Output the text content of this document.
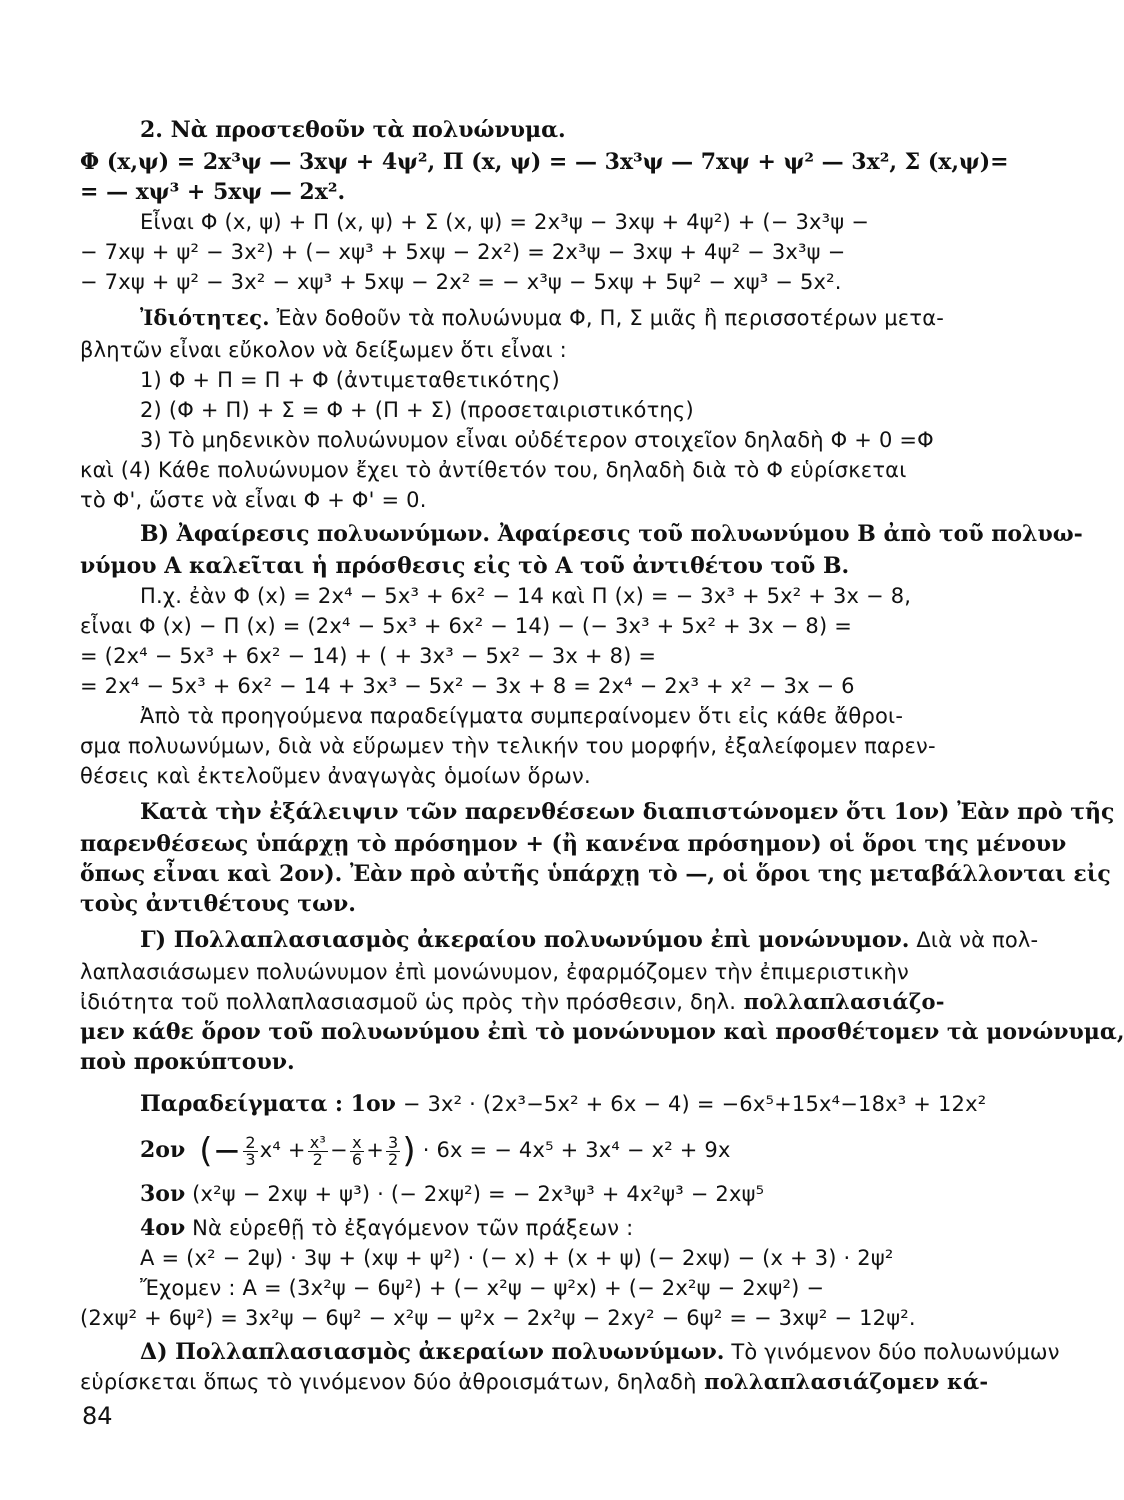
2. Νὰ προστεθοῦν τὰ πολυώνυμα.
Φ (x,ψ) = 2x³ψ — 3xψ + 4ψ², Π (x, ψ) = — 3x³ψ — 7xψ + ψ² — 3x², Σ (x,ψ)=
= — xψ³ + 5xψ — 2x².
Εἶναι Φ (x, ψ) + Π (x, ψ) + Σ (x, ψ) = 2x³ψ − 3xψ + 4ψ²) + (− 3x³ψ −
− 7xψ + ψ² − 3x²) + (− xψ³ + 5xψ − 2x²) = 2x³ψ − 3xψ + 4ψ² − 3x³ψ −
− 7xψ + ψ² − 3x² − xψ³ + 5xψ − 2x² = − x³ψ − 5xψ + 5ψ² − xψ³ − 5x².
Ἰδιότητες. Ἐὰν δοθοῦν τὰ πολυώνυμα Φ, Π, Σ μιᾶς ἢ περισσοτέρων μετα-
βλητῶν εἶναι εὔκολον νὰ δείξωμεν ὅτι εἶναι :
1) Φ + Π = Π + Φ (ἀντιμεταθετικότης)
2) (Φ + Π) + Σ = Φ + (Π + Σ) (προσεταιριστικότης)
3) Τὸ μηδενικὸν πολυώνυμον εἶναι οὐδέτερον στοιχεῖον δηλαδὴ Φ + 0 =Φ
καὶ (4) Κάθε πολυώνυμον ἔχει τὸ ἀντίθετόν του, δηλαδὴ διὰ τὸ Φ εὑρίσκεται
τὸ Φ', ὥστε νὰ εἶναι Φ + Φ' = 0.
Β) Ἀφαίρεσις πολυωνύμων. Ἀφαίρεσις τοῦ πολυωνύμου Β ἀπὸ τοῦ πολυω-
νύμου Α καλεῖται ἡ πρόσθεσις εἰς τὸ Α τοῦ ἀντιθέτου τοῦ Β.
Π.χ. ἐὰν Φ (x) = 2x⁴ − 5x³ + 6x² − 14 καὶ Π (x) = − 3x³ + 5x² + 3x − 8,
εἶναι Φ (x) − Π (x) = (2x⁴ − 5x³ + 6x² − 14) − (− 3x³ + 5x² + 3x − 8) =
= (2x⁴ − 5x³ + 6x² − 14) + ( + 3x³ − 5x² − 3x + 8) =
= 2x⁴ − 5x³ + 6x² − 14 + 3x³ − 5x² − 3x + 8 = 2x⁴ − 2x³ + x² − 3x − 6
Ἀπὸ τὰ προηγούμενα παραδείγματα συμπεραίνομεν ὅτι εἰς κάθε ἄθροι-
σμα πολυωνύμων, διὰ νὰ εὕρωμεν τὴν τελικήν του μορφήν, ἐξαλείφομεν παρεν-
θέσεις καὶ ἐκτελοῦμεν ἀναγωγὰς ὁμοίων ὅρων.
Κατὰ τὴν ἐξάλειψιν τῶν παρενθέσεων διαπιστώνομεν ὅτι 1ον) Ἐὰν πρὸ τῆς
παρενθέσεως ὑπάρχῃ τὸ πρόσημον + (ἢ κανένα πρόσημον) οἱ ὅροι της μένουν
ὅπως εἶναι καὶ 2ον). Ἐὰν πρὸ αὐτῆς ὑπάρχῃ τὸ —, οἱ ὅροι της μεταβάλλονται εἰς
τοὺς ἀντιθέτους των.
Γ) Πολλαπλασιασμὸς ἀκεραίου πολυωνύμου ἐπὶ μονώνυμον. Διὰ νὰ πολ-
λαπλασιάσωμεν πολυώνυμον ἐπὶ μονώνυμον, ἐφαρμόζομεν τὴν ἐπιμεριστικὴν
ἰδιότητα τοῦ πολλαπλασιασμοῦ ὡς πρὸς τὴν πρόσθεσιν, δηλ. πολλαπλασιάζο-
μεν κάθε ὅρον τοῦ πολυωνύμου ἐπὶ τὸ μονώνυμον καὶ προσθέτομεν τὰ μονώνυμα,
ποὺ προκύπτουν.
Παραδείγματα : 1ον − 3x² · (2x³−5x² + 6x − 4) = −6x⁵+15x⁴−18x³ + 12x²
2ον (− $\frac{2}{3} x^4 + \frac{\text{x³}}{2} - \frac{x}{6} + \frac{3}{2}$ ) · 6x = − 4x⁵ + 3x⁴ − x² + 9x
3ον (x²ψ − 2xψ + ψ³) · (− 2xψ²) = − 2x³ψ³ + 4x²ψ³ − 2xψ⁵
4ον Νὰ εὑρεθῇ τὸ ἐξαγόμενον τῶν πράξεων :
Α = (x² − 2ψ) · 3ψ + (xψ + ψ²) · (− x) + (x + ψ) (− 2xψ) − (x + 3) · 2ψ²
Ἔχομεν : Α = (3x²ψ − 6ψ²) + (− x²ψ − ψ²x) + (− 2x²ψ − 2xψ²) −
(2xψ² + 6ψ²) = 3x²ψ − 6ψ² − x²ψ − ψ²x − 2x²ψ − 2xy² − 6ψ² = − 3xψ² − 12ψ².
Δ) Πολλαπλασιασμὸς ἀκεραίων πολυωνύμων. Τὸ γινόμενον δύο πολυωνύμων
εὑρίσκεται ὅπως τὸ γινόμενον δύο ἀθροισμάτων, δηλαδὴ πολλαπλασιάζομεν κά-
84
